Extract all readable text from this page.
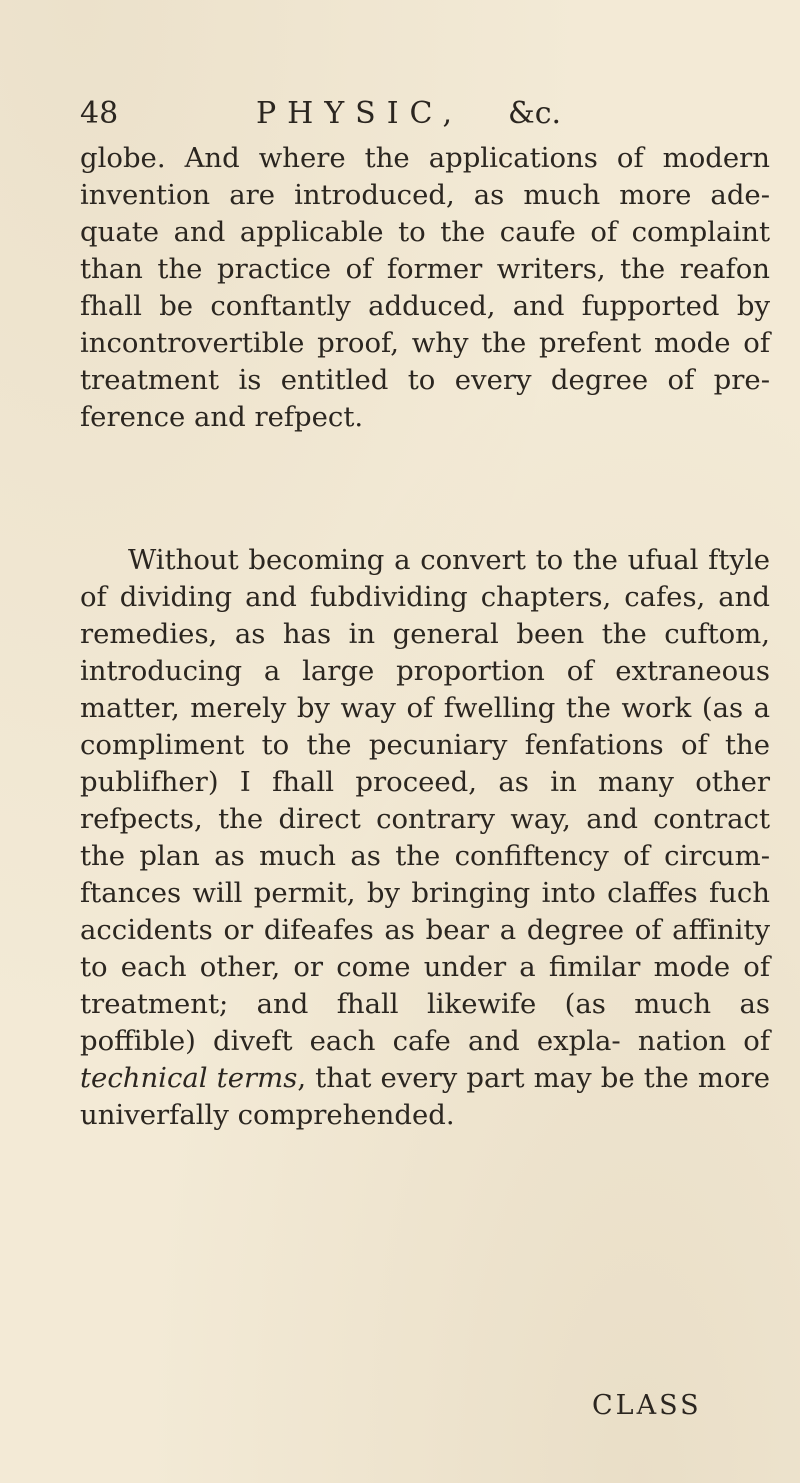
48	PHYSIC, &c.

globe. And where the applications of modern invention are introduced, as much more ade- quate and applicable to the caufe of complaint than the practice of former writers, the reafon fhall be conftantly adduced, and fupported by incontrovertible proof, why the prefent mode of treatment is entitled to every degree of pre- ference and refpect.

Without becoming a convert to the ufual ftyle of dividing and fubdividing chapters, cafes, and remedies, as has in general been the cuftom, introducing a large proportion of extraneous matter, merely by way of fwelling the work (as a compliment to the pecuniary fenfations of the publifher) I fhall proceed, as in many other refpects, the direct contrary way, and contract the plan as much as the confiftency of circum- ftances will permit, by bringing into claffes fuch accidents or difeafes as bear a degree of affinity to each other, or come under a fimilar mode of treatment; and fhall likewife (as much as poffible) diveft each cafe and expla- nation of technical terms, that every part may be the more univerfally comprehended.

CLASS
